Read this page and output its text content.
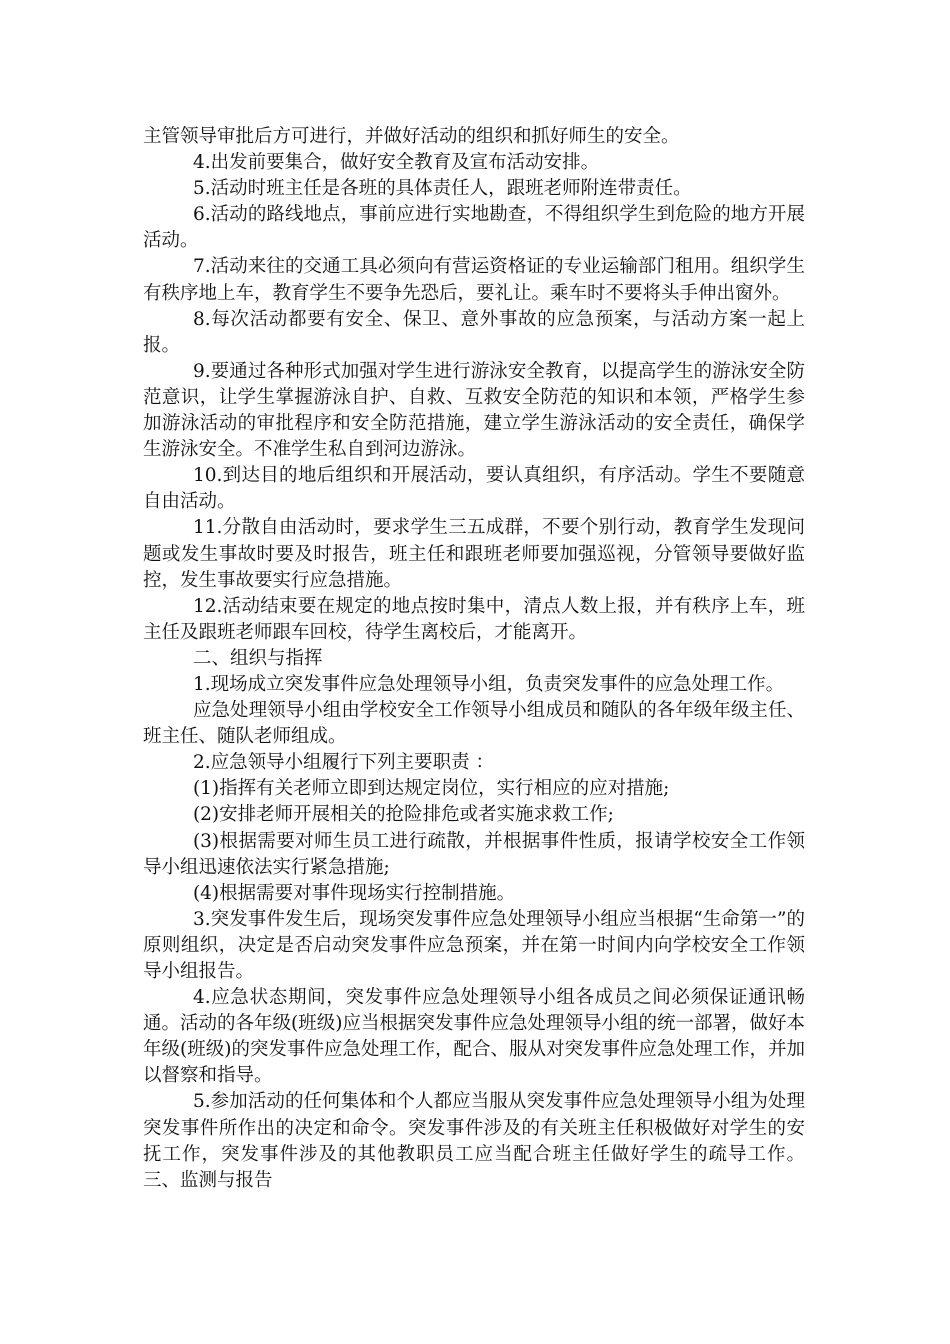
主管领导审批后方可进行，并做好活动的组织和抓好师生的安全。

4.出发前要集合，做好安全教育及宣布活动安排。

5.活动时班主任是各班的具体责任人，跟班老师附连带责任。

6.活动的路线地点，事前应进行实地勘查，不得组织学生到危险的地方开展活动。

7.活动来往的交通工具必须向有营运资格证的专业运输部门租用。组织学生有秩序地上车，教育学生不要争先恐后，要礼让。乘车时不要将头手伸出窗外。

8.每次活动都要有安全、保卫、意外事故的应急预案，与活动方案一起上报。

9.要通过各种形式加强对学生进行游泳安全教育，以提高学生的游泳安全防范意识，让学生掌握游泳自护、自救、互救安全防范的知识和本领，严格学生参加游泳活动的审批程序和安全防范措施，建立学生游泳活动的安全责任，确保学生游泳安全。不准学生私自到河边游泳。

10.到达目的地后组织和开展活动，要认真组织，有序活动。学生不要随意自由活动。

11.分散自由活动时，要求学生三五成群，不要个别行动，教育学生发现问题或发生事故时要及时报告，班主任和跟班老师要加强巡视，分管领导要做好监控，发生事故要实行应急措施。

12.活动结束要在规定的地点按时集中，清点人数上报，并有秩序上车，班主任及跟班老师跟车回校，待学生离校后，才能离开。

二、组织与指挥

1.现场成立突发事件应急处理领导小组，负责突发事件的应急处理工作。

应急处理领导小组由学校安全工作领导小组成员和随队的各年级年级主任、班主任、随队老师组成。

2.应急领导小组履行下列主要职责 ：

(1)指挥有关老师立即到达规定岗位，实行相应的应对措施;

(2)安排老师开展相关的抢险排危或者实施求救工作;

(3)根据需要对师生员工进行疏散，并根据事件性质，报请学校安全工作领导小组迅速依法实行紧急措施;

(4)根据需要对事件现场实行控制措施。

3.突发事件发生后，现场突发事件应急处理领导小组应当根据“生命第一”的原则组织，决定是否启动突发事件应急预案，并在第一时间内向学校安全工作领导小组报告。

4.应急状态期间，突发事件应急处理领导小组各成员之间必须保证通讯畅通。活动的各年级(班级)应当根据突发事件应急处理领导小组的统一部署，做好本年级(班级)的突发事件应急处理工作，配合、服从对突发事件应急处理工作，并加以督察和指导。

5.参加活动的任何集体和个人都应当服从突发事件应急处理领导小组为处理突发事件所作出的决定和命令。突发事件涉及的有关班主任积极做好对学生的安抚工作，突发事件涉及的其他教职员工应当配合班主任做好学生的疏导工作。 三、监测与报告
